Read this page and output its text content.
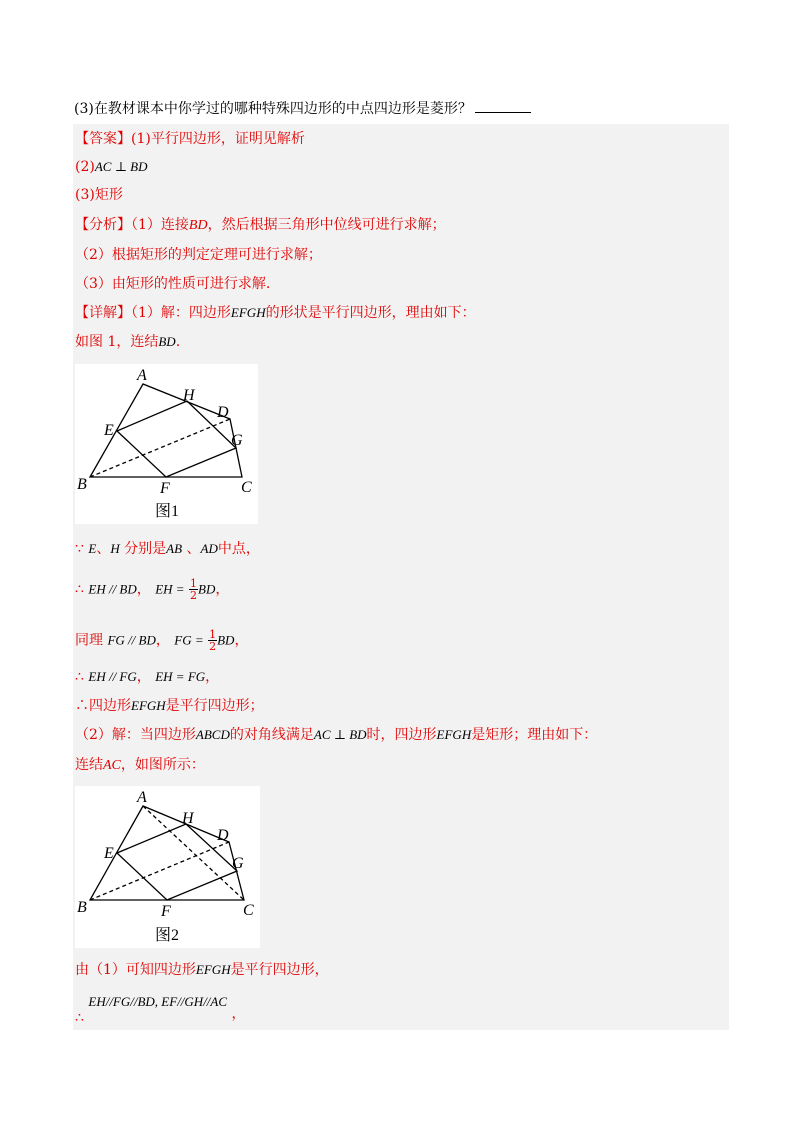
(3)在教材课本中你学过的哪种特殊四边形的中点四边形是菱形？
【答案】(1)平行四边形，证明见解析
(2)AC ⊥ BD
(3)矩形
【分析】（1）连接BD，然后根据三角形中位线可进行求解；
（2）根据矩形的判定定理可进行求解；
（3）由矩形的性质可进行求解.
【详解】（1）解：四边形EFGH的形状是平行四边形，理由如下：
如图 1，连结BD.
A
B	C
D
E
F
G
H
图1
∵ E、H 分别是AB 、AD中点，
∴ EH // BD， EH = $\frac{1}{2}$ BD，
同理 FG // BD， FG = $\frac{1}{2}$ BD，
∴ EH // FG， EH = FG，
∴四边形EFGH是平行四边形；
（2）解：当四边形ABCD的对角线满足AC ⊥ BD时，四边形EFGH是矩形；理由如下：
连结AC，如图所示：
A
B	C
D
E
F
G
H
图2
由（1）可知四边形EFGH是平行四边形，
∴ EH//FG//BD, EF//GH//AC ，
